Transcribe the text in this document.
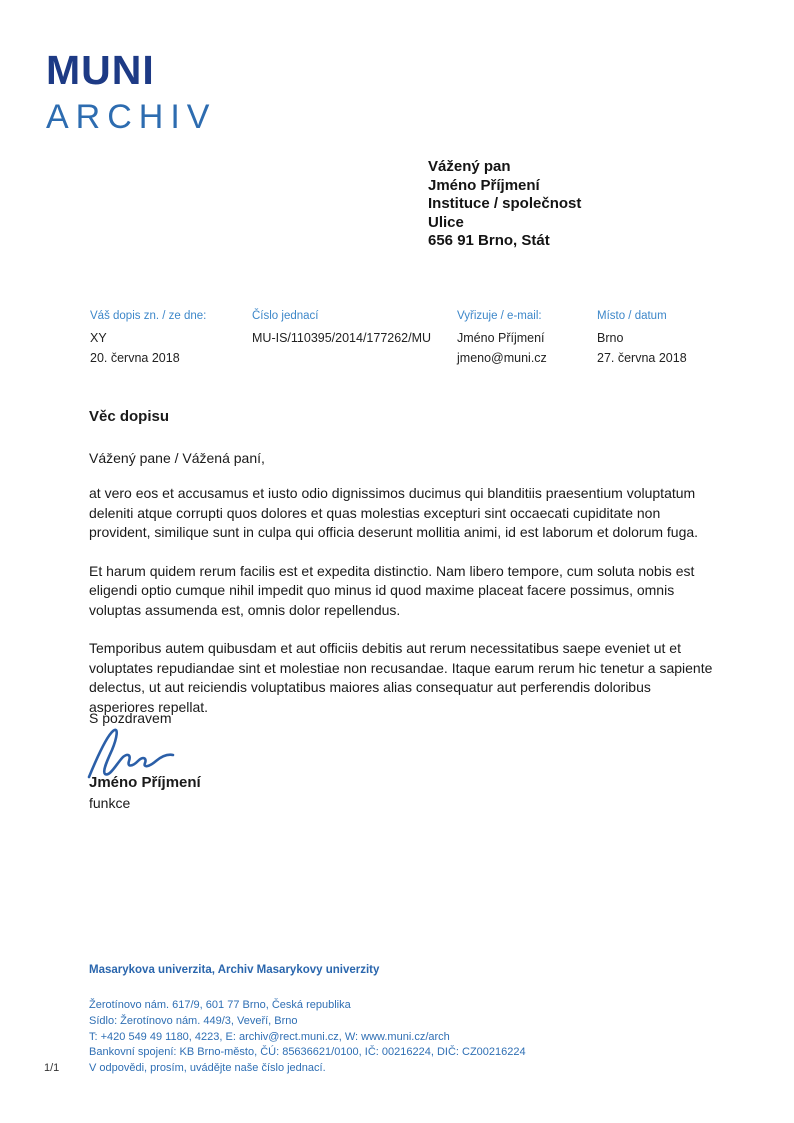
MUNI
ARCHIV
Vážený pan
Jméno Příjmení
Instituce / společnost
Ulice
656 91 Brno, Stát
Váš dopis zn. / ze dne:
XY
20. června 2018
Číslo jednací
MU-IS/110395/2014/177262/MU
Vyřizuje / e-mail:
Jméno Příjmení
jmeno@muni.cz
Místo / datum
Brno
27. června 2018
Věc dopisu
Vážený pane / Vážená paní,

at vero eos et accusamus et iusto odio dignissimos ducimus qui blanditiis praesentium voluptatum deleniti atque corrupti quos dolores et quas molestias excepturi sint occaecati cupiditate non provident, similique sunt in culpa qui officia deserunt mollitia animi, id est laborum et dolorum fuga.

Et harum quidem rerum facilis est et expedita distinctio. Nam libero tempore, cum soluta nobis est eligendi optio cumque nihil impedit quo minus id quod maxime placeat facere possimus, omnis voluptas assumenda est, omnis dolor repellendus.

Temporibus autem quibusdam et aut officiis debitis aut rerum necessitatibus saepe eveniet ut et voluptates repudiandae sint et molestiae non recusandae. Itaque earum rerum hic tenetur a sapiente delectus, ut aut reiciendis voluptatibus maiores alias consequatur aut perferendis doloribus asperiores repellat.

S pozdravem
Jméno Příjmení
funkce
Masarykova univerzita, Archiv Masarykovy univerzity
Žerotínovo nám. 617/9, 601 77 Brno, Česká republika
Sídlo: Žerotínovo nám. 449/3, Veveří, Brno
T: +420 549 49 1180, 4223, E: archiv@rect.muni.cz, W: www.muni.cz/arch
Bankovní spojení: KB Brno-město, ČÚ: 85636621/0100, IČ: 00216224, DIČ: CZ00216224
V odpovědi, prosím, uvádějte naše číslo jednací.
1/1
